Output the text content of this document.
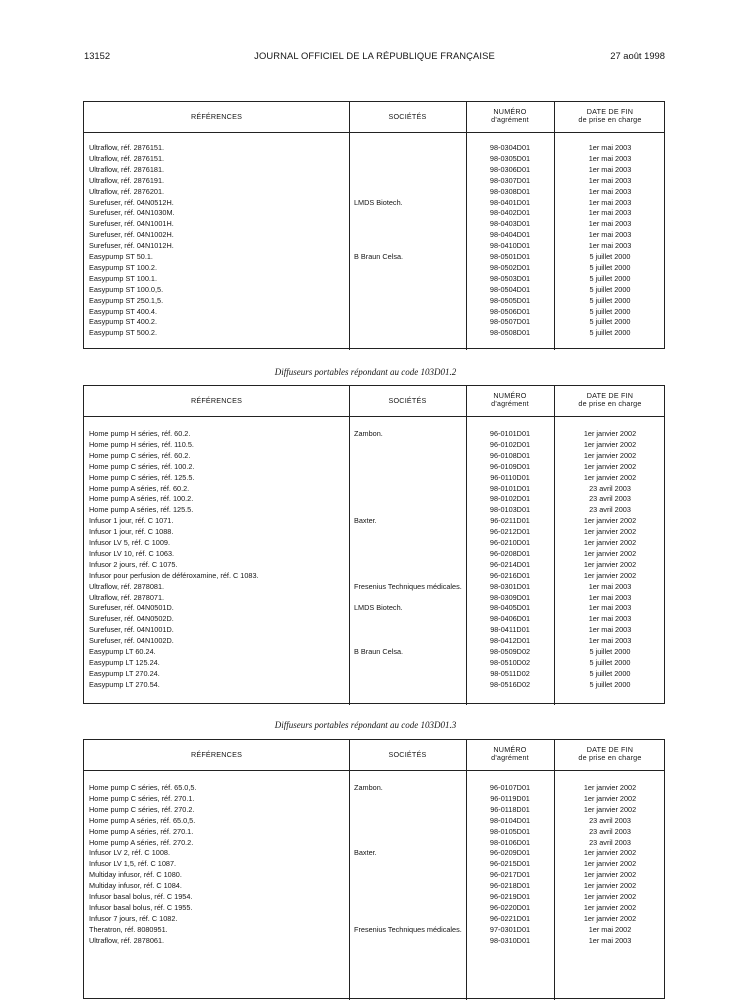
13152	JOURNAL OFFICIEL DE LA RÉPUBLIQUE FRANÇAISE	27 août 1998
RÉFÉRENCES	SOCIÉTÉS
NUMÉRO
d'agrément
DATE DE FIN
de prise en charge
Ultraflow, réf. 2876151.	98-0304D01	1er mai 2003
Ultraflow, réf. 2876151.	98-0305D01	1er mai 2003
Ultraflow, réf. 2876181.	98-0306D01	1er mai 2003
Ultraflow, réf. 2876191.	98-0307D01	1er mai 2003
Ultraflow, réf. 2876201.	98-0308D01	1er mai 2003
Surefuser, réf. 04N0512H.	LMDS Biotech.	98-0401D01	1er mai 2003
Surefuser, réf. 04N1030M.	98-0402D01	1er mai 2003
Surefuser, réf. 04N1001H.	98-0403D01	1er mai 2003
Surefuser, réf. 04N1002H.	98-0404D01	1er mai 2003
Surefuser, réf. 04N1012H.	98-0410D01	1er mai 2003
Easypump ST 50.1.	B Braun Celsa.	98-0501D01	5 juillet 2000
Easypump ST 100.2.	98-0502D01	5 juillet 2000
Easypump ST 100.1.	98-0503D01	5 juillet 2000
Easypump ST 100.0,5.	98-0504D01	5 juillet 2000
Easypump ST 250.1,5.	98-0505D01	5 juillet 2000
Easypump ST 400.4.	98-0506D01	5 juillet 2000
Easypump ST 400.2.	98-0507D01	5 juillet 2000
Easypump ST 500.2.	98-0508D01	5 juillet 2000
Diffuseurs portables répondant au code 103D01.2
RÉFÉRENCES	SOCIÉTÉS
NUMÉRO
d'agrément
DATE DE FIN
de prise en charge
Home pump H séries, réf. 60.2.	Zambon.	96-0101D01	1er janvier 2002
Home pump H séries, réf. 110.5.	96-0102D01	1er janvier 2002
Home pump C séries, réf. 60.2.	96-0108D01	1er janvier 2002
Home pump C séries, réf. 100.2.	96-0109D01	1er janvier 2002
Home pump C séries, réf. 125.5.	96-0110D01	1er janvier 2002
Home pump A séries, réf. 60.2.	98-0101D01	23 avril 2003
Home pump A séries, réf. 100.2.	98-0102D01	23 avril 2003
Home pump A séries, réf. 125.5.	98-0103D01	23 avril 2003
Infusor 1 jour, réf. C 1071.	Baxter.	96-0211D01	1er janvier 2002
Infusor 1 jour, réf. C 1088.	96-0212D01	1er janvier 2002
Infusor LV 5, réf. C 1009.	96-0210D01	1er janvier 2002
Infusor LV 10, réf. C 1063.	96-0208D01	1er janvier 2002
Infusor 2 jours, réf. C 1075.	96-0214D01	1er janvier 2002
Infusor pour perfusion de déféroxamine, réf. C 1083.	96-0216D01	1er janvier 2002
Ultraflow, réf. 2878081.	Fresenius Techniques médicales.	98-0301D01	1er mai 2003
Ultraflow, réf. 2878071.	98-0309D01	1er mai 2003
Surefuser, réf. 04N0501D.	LMDS Biotech.	98-0405D01	1er mai 2003
Surefuser, réf. 04N0502D.	98-0406D01	1er mai 2003
Surefuser, réf. 04N1001D.	98-0411D01	1er mai 2003
Surefuser, réf. 04N1002D.	98-0412D01	1er mai 2003
Easypump LT 60.24.	B Braun Celsa.	98-0509D02	5 juillet 2000
Easypump LT 125.24.	98-0510D02	5 juillet 2000
Easypump LT 270.24.	98-0511D02	5 juillet 2000
Easypump LT 270.54.	98-0516D02	5 juillet 2000
Diffuseurs portables répondant au code 103D01.3
RÉFÉRENCES	SOCIÉTÉS
NUMÉRO
d'agrément
DATE DE FIN
de prise en charge
Home pump C séries, réf. 65.0,5.	Zambon.	96-0107D01	1er janvier 2002
Home pump C séries, réf. 270.1.	96-0119D01	1er janvier 2002
Home pump C séries, réf. 270.2.	96-0118D01	1er janvier 2002
Home pump A séries, réf. 65.0,5.	98-0104D01	23 avril 2003
Home pump A séries, réf. 270.1.	98-0105D01	23 avril 2003
Home pump A séries, réf. 270.2.	98-0106D01	23 avril 2003
Infusor LV 2, réf. C 1008.	Baxter.	96-0209D01	1er janvier 2002
Infusor LV 1,5, réf. C 1087.	96-0215D01	1er janvier 2002
Multiday infusor, réf. C 1080.	96-0217D01	1er janvier 2002
Multiday infusor, réf. C 1084.	96-0218D01	1er janvier 2002
Infusor basal bolus, réf. C 1954.	96-0219D01	1er janvier 2002
Infusor basal bolus, réf. C 1955.	96-0220D01	1er janvier 2002
Infusor 7 jours, réf. C 1082.	96-0221D01	1er janvier 2002
Theratron, réf. 8080951.	Fresenius Techniques médicales.	97-0301D01	1er mai 2002
Ultraflow, réf. 2878061.	98-0310D01	1er mai 2003
